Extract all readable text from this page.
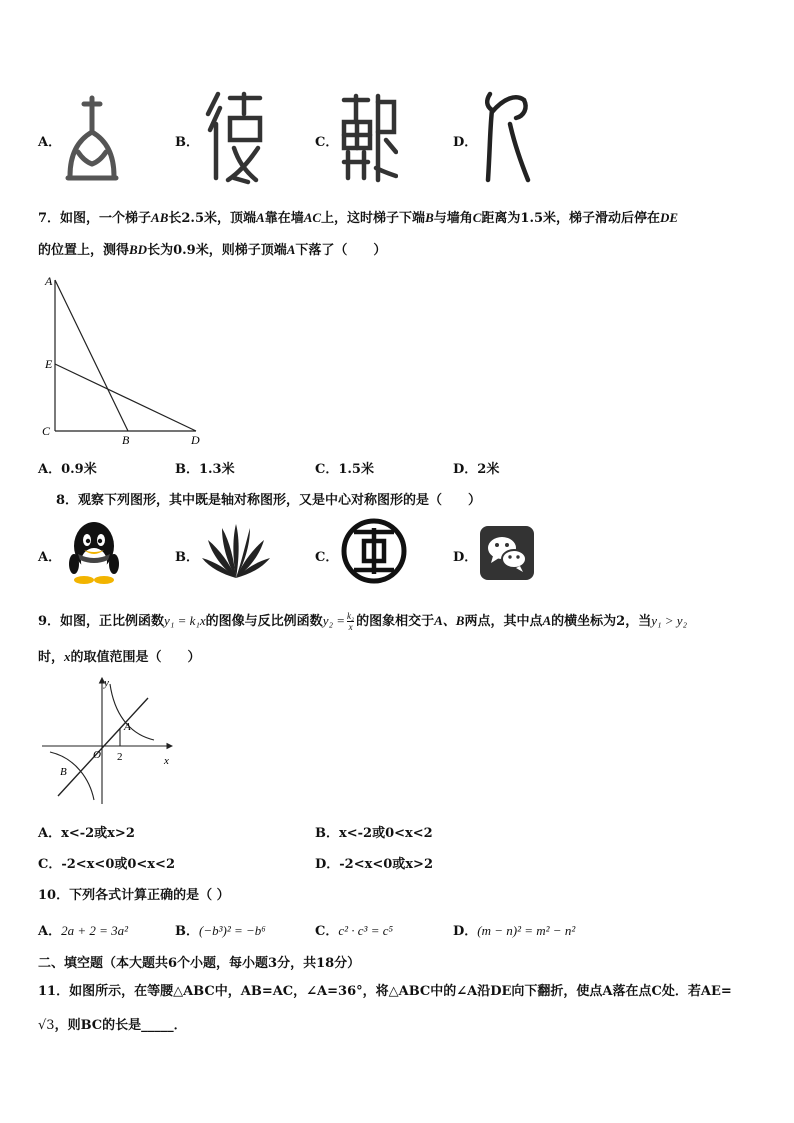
A．	B．	C．	D．
7．如图，一个梯子AB长2.5米，顶端A靠在墙AC上，这时梯子下端B与墙角C距离为1.5米，梯子滑动后停在DE
的位置上，测得BD长为0.9米，则梯子顶端A下落了（　　）
A
E
C
B	D
A．0.9米	B．1.3米	C．1.5米	D．2米
8．观察下列图形，其中既是轴对称图形，又是中心对称图形的是（　　）
A．	B．	C．	D．
9．如图，正比例函数y₁ = k₁x的图像与反比例函数$y_2 = \frac{\text{k₂}}{x}$ 的图象相交于A、B两点，其中点A的横坐标为2，当y₁ > y₂
时，x的取值范围是（　　）
y
x
O
A
B
2
A．x<-2或x>2	B．x<-2或0<x<2
C．-2<x<0或0<x<2	D．-2<x<0或x>2
10．下列各式计算正确的是（ ）
A．2a + 2 = 3a²	B．(−b³)² = −b⁶	C．c² · c³ = c⁵	D．(m − n)² = m² − n²
二、填空题（本大题共6个小题，每小题3分，共18分）
11．如图所示，在等腰△ABC中，AB=AC，∠A=36°，将△ABC中的∠A沿DE向下翻折，使点A落在点C处．若AE=
√3，则BC的长是_____．
